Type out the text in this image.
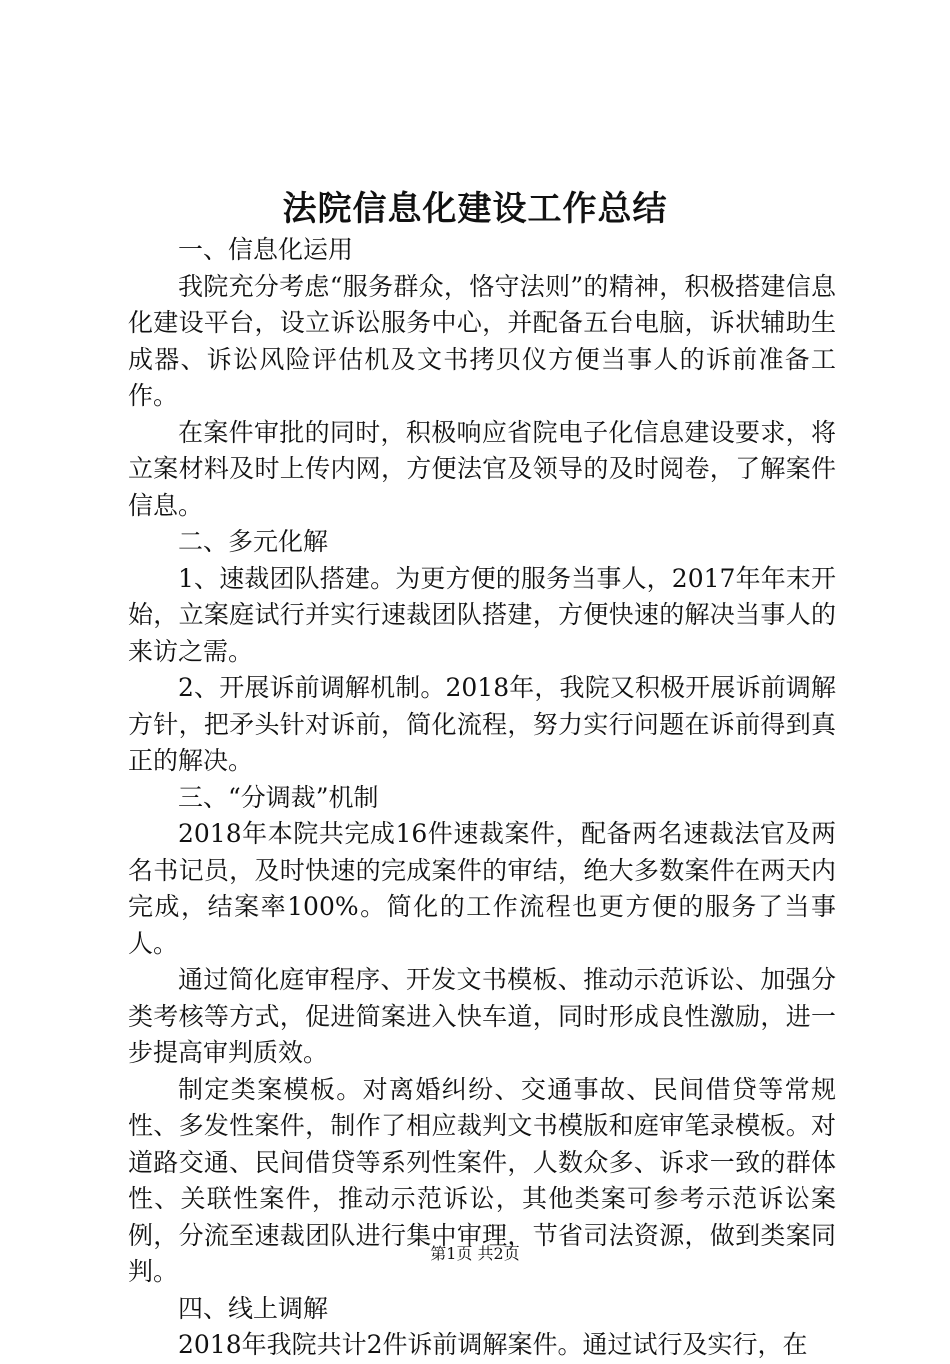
法院信息化建设工作总结

一、信息化运用

我院充分考虑“服务群众，恪守法则”的精神，积极搭建信息化建设平台，设立诉讼服务中心，并配备五台电脑，诉状辅助生成器、诉讼风险评估机及文书拷贝仪方便当事人的诉前准备工作。

在案件审批的同时，积极响应省院电子化信息建设要求，将立案材料及时上传内网，方便法官及领导的及时阅卷，了解案件信息。

二、多元化解

1、速裁团队搭建。为更方便的服务当事人，2017年年末开始，立案庭试行并实行速裁团队搭建，方便快速的解决当事人的来访之需。

2、开展诉前调解机制。2018年，我院又积极开展诉前调解方针，把矛头针对诉前，简化流程，努力实行问题在诉前得到真正的解决。

三、“分调裁”机制

2018年本院共完成16件速裁案件，配备两名速裁法官及两名书记员，及时快速的完成案件的审结，绝大多数案件在两天内完成，结案率100%。简化的工作流程也更方便的服务了当事人。

通过简化庭审程序、开发文书模板、推动示范诉讼、加强分类考核等方式，促进简案进入快车道，同时形成良性激励，进一步提高审判质效。

制定类案模板。对离婚纠纷、交通事故、民间借贷等常规性、多发性案件，制作了相应裁判文书模版和庭审笔录模板。对道路交通、民间借贷等系列性案件，人数众多、诉求一致的群体性、关联性案件，推动示范诉讼，其他类案可参考示范诉讼案例，分流至速裁团队进行集中审理，节省司法资源，做到类案同判。

四、线上调解

2018年我院共计2件诉前调解案件。通过试行及实行，在

第1页 共2页
